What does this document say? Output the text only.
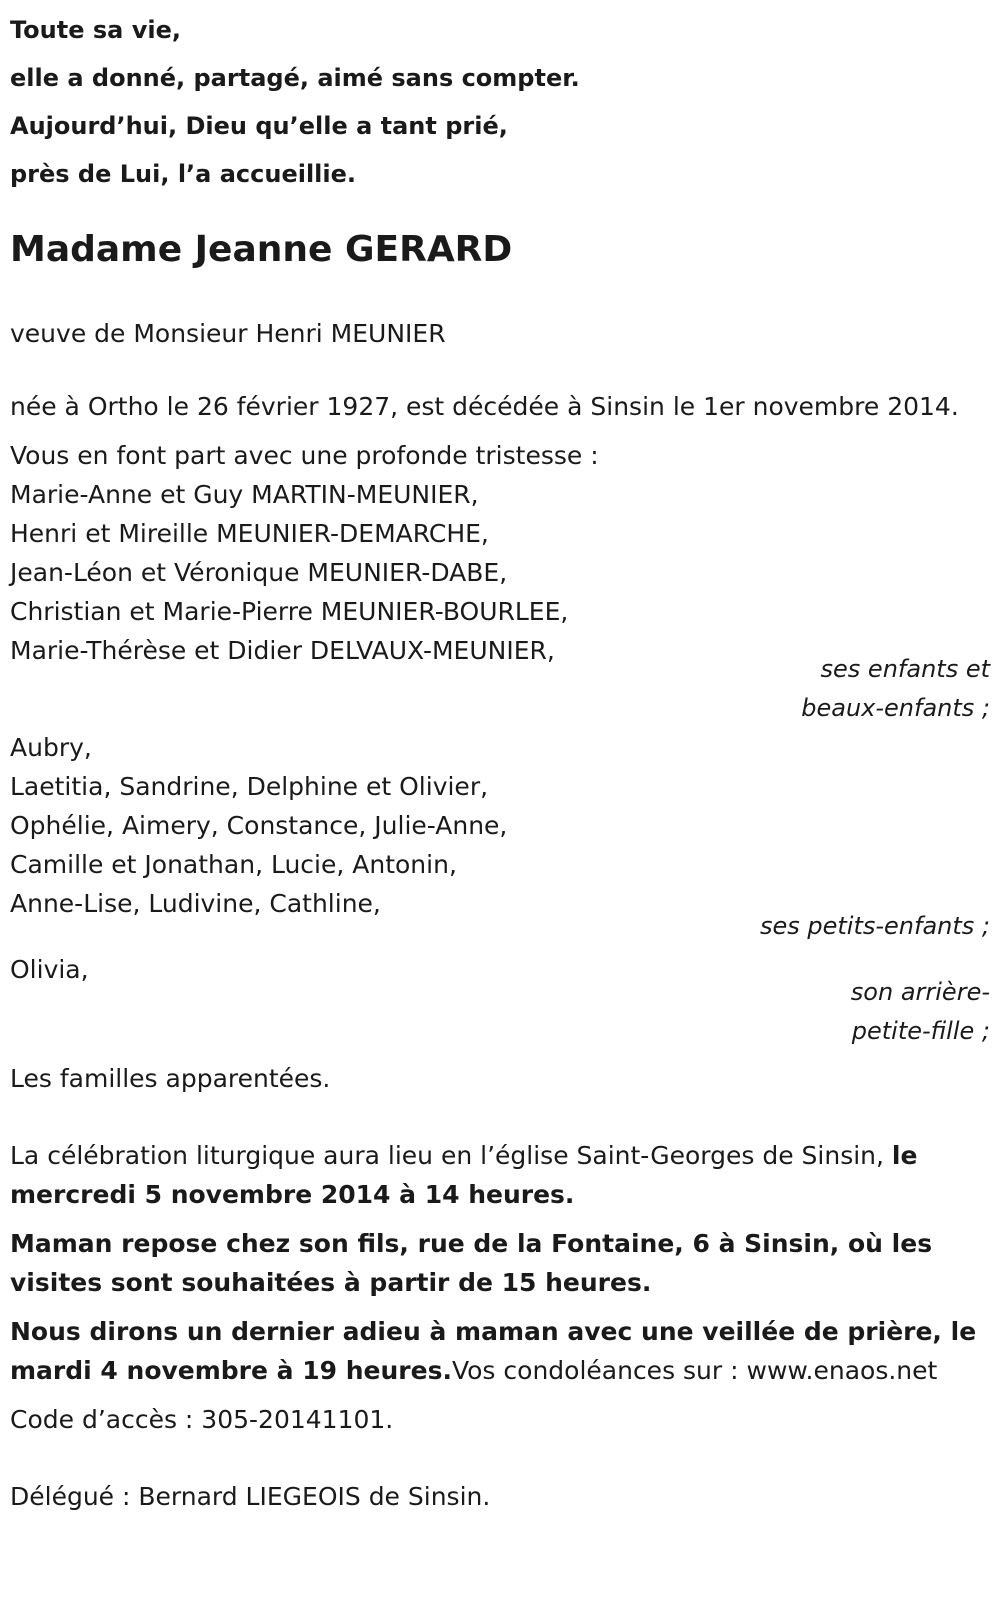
Toute sa vie,
elle a donné, partagé, aimé sans compter.
Aujourd’hui, Dieu qu’elle a tant prié,
près de Lui, l’a accueillie.
Madame Jeanne GERARD

veuve de Monsieur Henri MEUNIER

née à Ortho le 26 février 1927, est décédée à Sinsin le 1er novembre 2014.

Vous en font part avec une profonde tristesse :

Marie-Anne et Guy MARTIN-MEUNIER,

Henri et Mireille MEUNIER-DEMARCHE,

Jean-Léon et Véronique MEUNIER-DABE,

Christian et Marie-Pierre MEUNIER-BOURLEE,

Marie-Thérèse et Didier DELVAUX-MEUNIER,

ses enfants et
beaux-enfants ;

Aubry,

Laetitia, Sandrine, Delphine et Olivier,

Ophélie, Aimery, Constance, Julie-Anne,

Camille et Jonathan, Lucie, Antonin,

Anne-Lise, Ludivine, Cathline,

ses petits-enfants ;

Olivia,

son arrière-
petite-fille ;

Les familles apparentées.

La célébration liturgique aura lieu en l’église Saint-Georges de Sinsin, le mercredi 5 novembre 2014 à 14 heures.

Maman repose chez son fils, rue de la Fontaine, 6 à Sinsin, où les visites sont souhaitées à partir de 15 heures.

Nous dirons un dernier adieu à maman avec une veillée de prière, le mardi 4 novembre à 19 heures.Vos condoléances sur : www.enaos.net

Code d’accès : 305-20141101.

Délégué : Bernard LIEGEOIS de Sinsin.
